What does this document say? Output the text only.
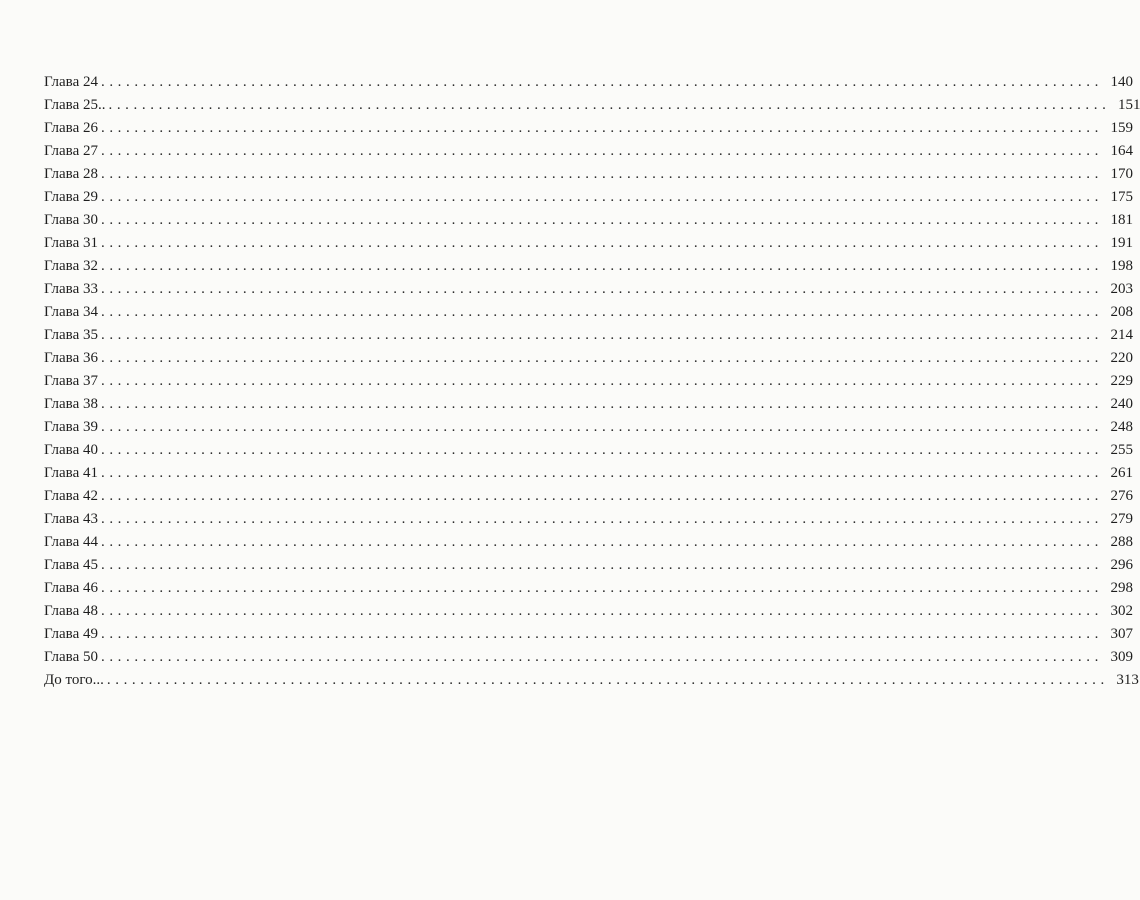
Глава 24 ........................................................................................................................ 140
Глава 25.. ........................................................................................................................ 151
Глава 26 ........................................................................................................................ 159
Глава 27 ........................................................................................................................ 164
Глава 28 ........................................................................................................................ 170
Глава 29 ........................................................................................................................ 175
Глава 30 ........................................................................................................................ 181
Глава 31 ........................................................................................................................ 191
Глава 32 ........................................................................................................................ 198
Глава 33 ........................................................................................................................ 203
Глава 34 ........................................................................................................................ 208
Глава 35 ........................................................................................................................ 214
Глава 36 ........................................................................................................................ 220
Глава 37 ........................................................................................................................ 229
Глава 38 ........................................................................................................................ 240
Глава 39 ........................................................................................................................ 248
Глава 40 ........................................................................................................................ 255
Глава 41 ........................................................................................................................ 261
Глава 42 ........................................................................................................................ 276
Глава 43 ........................................................................................................................ 279
Глава 44 ........................................................................................................................ 288
Глава 45 ........................................................................................................................ 296
Глава 46 ........................................................................................................................ 298
Глава 48 ........................................................................................................................ 302
Глава 49 ........................................................................................................................ 307
Глава 50 ........................................................................................................................ 309
До того... ........................................................................................................................ 313
